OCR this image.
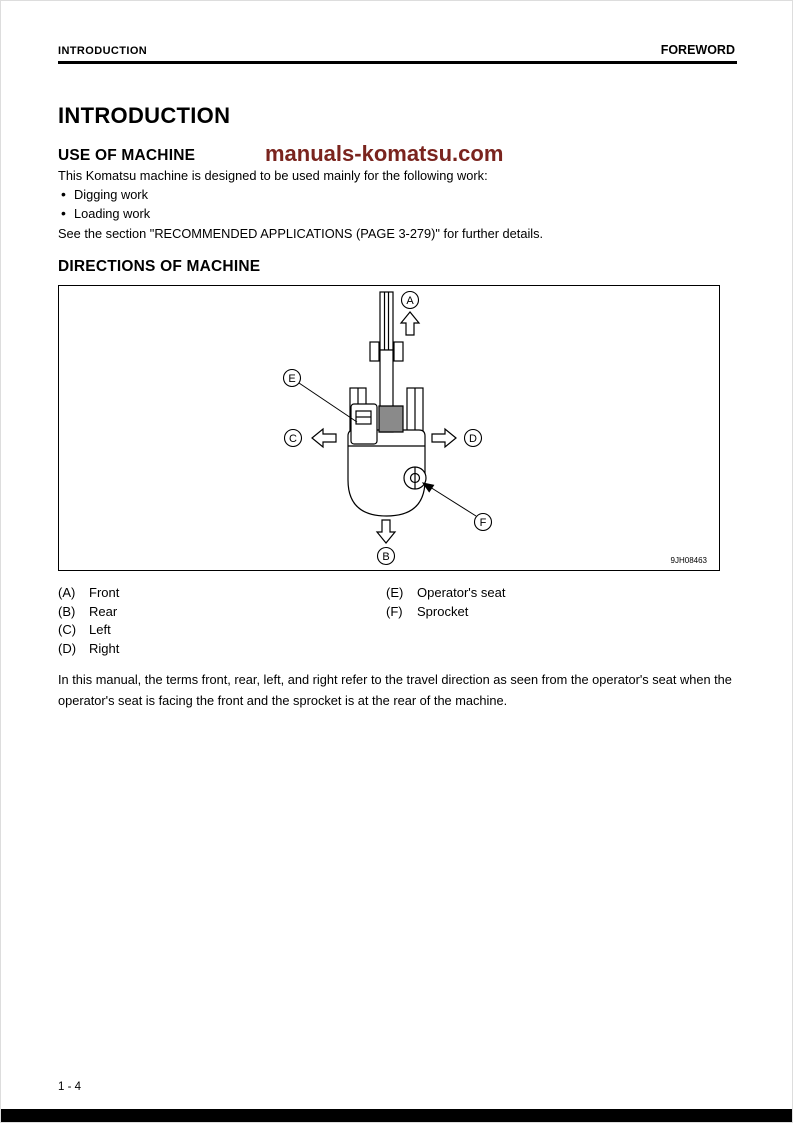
INTRODUCTION	FOREWORD
INTRODUCTION
USE OF MACHINE	manuals-komatsu.com
This Komatsu machine is designed to be used mainly for the following work:
•
Digging work
•
Loading work
See the section "RECOMMENDED APPLICATIONS (PAGE 3-279)" for further details.
DIRECTIONS OF MACHINE
A
E
C	D
F
B	9JH08463
(A)	Front
(B)	Rear
(C) Left
(D) Right
(E)	Operator's seat
(F)	Sprocket
In this manual, the terms front, rear, left, and right refer to the travel direction as seen from the operator's seat when the operator's seat is facing the front and the sprocket is at the rear of the machine.
1 - 4
